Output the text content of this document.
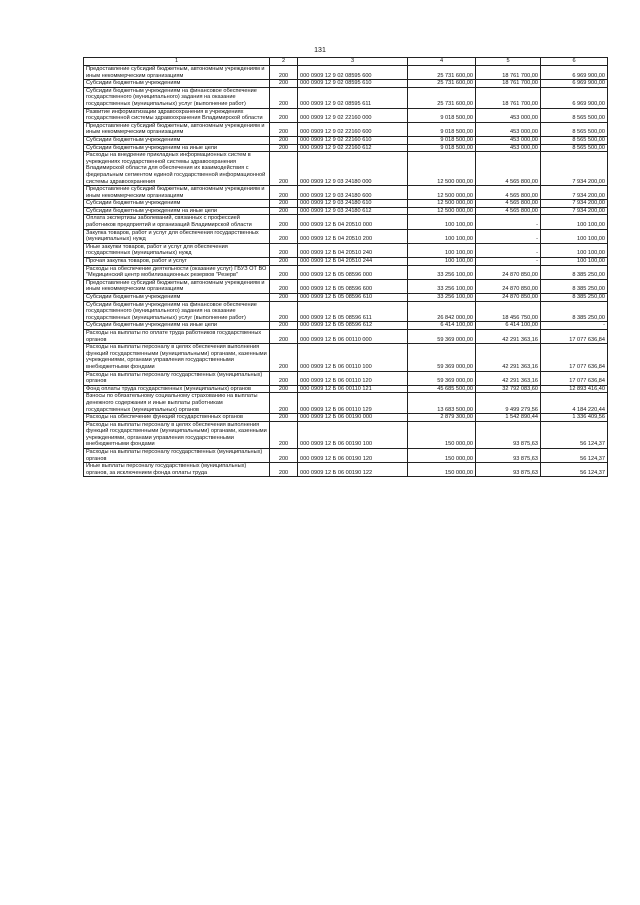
131
1	2	3	4	5	6
Предоставление субсидий бюджетным, автономным учреждениям и иным некоммерческим организациям	200	000 0909 12 9 02 08595 600	25 731 600,00	18 761 700,00	6 969 900,00
Субсидии бюджетным учреждениям	200	000 0909 12 9 02 08595 610	25 731 600,00	18 761 700,00	6 969 900,00
Субсидии бюджетным учреждениям на финансовое обеспечение государственного (муниципального) задания на оказание государственных (муниципальных) услуг (выполнение работ)	200	000 0909 12 9 02 08595 611	25 731 600,00	18 761 700,00	6 969 900,00
Развитие информатизации здравоохранения в учреждениях государственной системы здравоохранения Владимирской области	200	000 0909 12 9 02 22160 000	9 018 500,00	453 000,00	8 565 500,00
Предоставление субсидий бюджетным, автономным учреждениям и иным некоммерческим организациям	200	000 0909 12 9 02 22160 600	9 018 500,00	453 000,00	8 565 500,00
Субсидии бюджетным учреждениям	200	000 0909 12 9 02 22160 610	9 018 500,00	453 000,00	8 565 500,00
Субсидии бюджетным учреждениям на иные цели	200	000 0909 12 9 02 22160 612	9 018 500,00	453 000,00	8 565 500,00
Расходы на внедрение прикладных информационных систем в учреждениях государственной системы здравоохранения Владимирской области для обеспечения их взаимодействия с федеральным сегментом единой государственной информационной системы здравоохранения	200	000 0909 12 9 03 24180 000	12 500 000,00	4 565 800,00	7 934 200,00
Предоставление субсидий бюджетным, автономным учреждениям и иным некоммерческим организациям	200	000 0909 12 9 03 24180 600	12 500 000,00	4 565 800,00	7 934 200,00
Субсидии бюджетным учреждениям	200	000 0909 12 9 03 24180 610	12 500 000,00	4 565 800,00	7 934 200,00
Субсидии бюджетным учреждениям на иные цели	200	000 0909 12 9 03 24180 612	12 500 000,00	4 565 800,00	7 934 200,00
Оплата экспертизы заболеваний, связанных с профессией работников предприятий и организаций Владимирской области	200	000 0909 12 Б 04 20510 000	100 100,00	-	100 100,00
Закупка товаров, работ и услуг для обеспечения государственных (муниципальных) нужд	200	000 0909 12 Б 04 20510 200	100 100,00	-	100 100,00
Иные закупки товаров, работ и услуг для обеспечения государственных (муниципальных) нужд	200	000 0909 12 Б 04 20510 240	100 100,00	-	100 100,00
Прочая закупка товаров, работ и услуг	200	000 0909 12 Б 04 20510 244	100 100,00	-	100 100,00
Расходы на обеспечение деятельности (оказание услуг) ГБУЗ ОТ ВО "Медицинский центр мобилизационных резервов "Резерв"	200	000 0909 12 Б 05 08596 000	33 256 100,00	24 870 850,00	8 385 250,00
Предоставление субсидий бюджетным, автономным учреждениям и иным некоммерческим организациям	200	000 0909 12 Б 05 08596 600	33 256 100,00	24 870 850,00	8 385 250,00
Субсидии бюджетным учреждениям	200	000 0909 12 Б 05 08596 610	33 256 100,00	24 870 850,00	8 385 250,00
Субсидии бюджетным учреждениям на финансовое обеспечение государственного (муниципального) задания на оказание государственных (муниципальных) услуг (выполнение работ)	200	000 0909 12 Б 05 08596 611	26 842 000,00	18 456 750,00	8 385 250,00
Субсидии бюджетным учреждениям на иные цели	200	000 0909 12 Б 05 08596 612	6 414 100,00	6 414 100,00	-
Расходы на выплаты по оплате труда работников государственных органов	200	000 0909 12 Б 06 00110 000	59 369 000,00	42 291 363,16	17 077 636,84
Расходы на выплаты персоналу в целях обеспечения выполнения функций государственными (муниципальными) органами, казенными учреждениями, органами управления государственными внебюджетными фондами	200	000 0909 12 Б 06 00110 100	59 369 000,00	42 291 363,16	17 077 636,84
Расходы на выплаты персоналу государственных (муниципальных) органов	200	000 0909 12 Б 06 00110 120	59 369 000,00	42 291 363,16	17 077 636,84
Фонд оплаты труда государственных (муниципальных) органов	200	000 0909 12 Б 06 00110 121	45 685 500,00	32 792 083,60	12 893 416,40
Взносы по обязательному социальному страхованию на выплаты денежного содержания и иные выплаты работникам государственных (муниципальных) органов	200	000 0909 12 Б 06 00110 129	13 683 500,00	9 499 279,56	4 184 220,44
Расходы на обеспечение функций государственных органов	200	000 0909 12 Б 06 00190 000	2 879 300,00	1 542 890,44	1 336 409,56
Расходы на выплаты персоналу в целях обеспечения выполнения функций государственными (муниципальными) органами, казенными учреждениями, органами управления государственными внебюджетными фондами	200	000 0909 12 Б 06 00190 100	150 000,00	93 875,63	56 124,37
Расходы на выплаты персоналу государственных (муниципальных) органов	200	000 0909 12 Б 06 00190 120	150 000,00	93 875,63	56 124,37
Иные выплаты персоналу государственных (муниципальных) органов, за исключением фонда оплаты труда	200	000 0909 12 Б 06 00190 122	150 000,00	93 875,63	56 124,37
